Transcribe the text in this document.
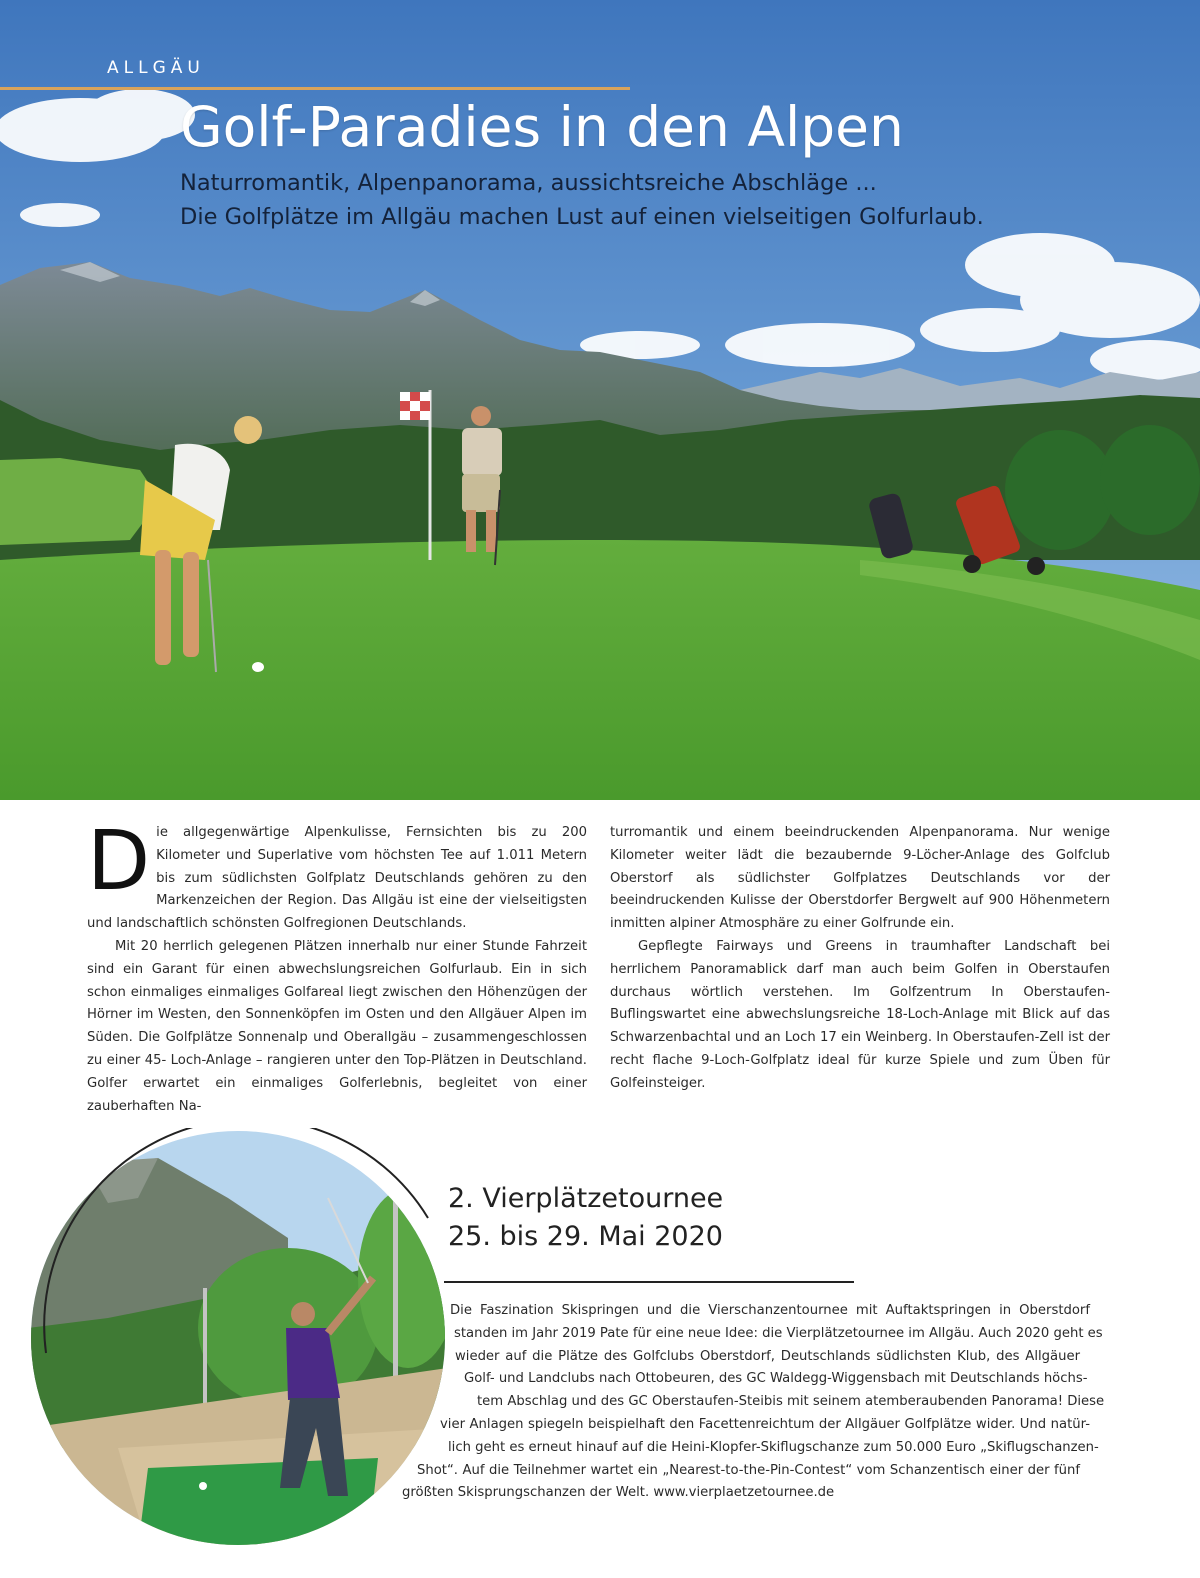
ALLGÄU
Golf-Paradies in den Alpen
Naturromantik, Alpenpanorama, aussichtsreiche Abschläge ...
Die Golfplätze im Allgäu machen Lust auf einen vielseitigen Golfurlaub.

Die allgegenwärtige Alpenkulisse, Fernsichten bis zu 200 Kilometer und Superlative vom höchsten Tee auf 1.011 Metern bis zum südlichsten Golfplatz Deutschlands gehören zu den Markenzeichen der Region. Das Allgäu ist eine der vielseitigsten und landschaftlich schönsten Golfregionen Deutschlands.

Mit 20 herrlich gelegenen Plätzen innerhalb nur einer Stunde Fahrzeit sind ein Garant für einen abwechslungsreichen Golfurlaub. Ein in sich schon einmaliges einmaliges Golfareal liegt zwischen den Höhenzügen der Hörner im Westen, den Sonnenköpfen im Osten und den Allgäuer Alpen im Süden. Die Golfplätze Sonnenalp und Oberallgäu – zusammengeschlossen zu einer 45- Loch-Anlage – rangieren unter den Top-Plätzen in Deutschland. Golfer erwartet ein einmaliges Golferlebnis, begleitet von einer zauberhaften Na-

turromantik und einem beeindruckenden Alpenpanorama. Nur wenige Kilometer weiter lädt die bezaubernde 9-Löcher-Anlage des Golfclub Oberstorf als südlichster Golfplatzes Deutschlands vor der beeindruckenden Kulisse der Oberstdorfer Bergwelt auf 900 Höhenmetern inmitten alpiner Atmosphäre zu einer Golfrunde ein.

Gepflegte Fairways und Greens in traumhafter Landschaft bei herrlichem Panoramablick darf man auch beim Golfen in Oberstaufen durchaus wörtlich verstehen. Im Golfzentrum In Oberstaufen-Buflingswartet eine abwechslungsreiche 18-Loch-Anlage mit Blick auf das Schwarzenbachtal und an Loch 17 ein Weinberg. In Oberstaufen-Zell ist der recht flache 9-Loch-Golfplatz ideal für kurze Spiele und zum Üben für Golfeinsteiger.

2. Vierplätzetournee
25. bis 29. Mai 2020
Die Faszination Skispringen und die Vierschanzentournee mit Auftaktspringen in Oberstdorf
standen im Jahr 2019 Pate für eine neue Idee: die Vierplätzetournee im Allgäu. Auch 2020 geht es
wieder auf die Plätze des Golfclubs Oberstdorf, Deutschlands südlichsten Klub, des Allgäuer
Golf- und Landclubs nach Ottobeuren, des GC Waldegg-Wiggensbach mit Deutschlands höchs-
tem Abschlag und des GC Oberstaufen-Steibis mit seinem atemberaubenden Panorama! Diese
vier Anlagen spiegeln beispielhaft den Facettenreichtum der Allgäuer Golfplätze wider. Und natür-
lich geht es erneut hinauf auf die Heini-Klopfer-Skiflugschanze zum 50.000 Euro „Skiflugschanzen-
Shot“. Auf die Teilnehmer wartet ein „Nearest-to-the-Pin-Contest“ vom Schanzentisch einer der fünf
größten Skisprungschanzen der Welt. www.vierplaetzetournee.de
